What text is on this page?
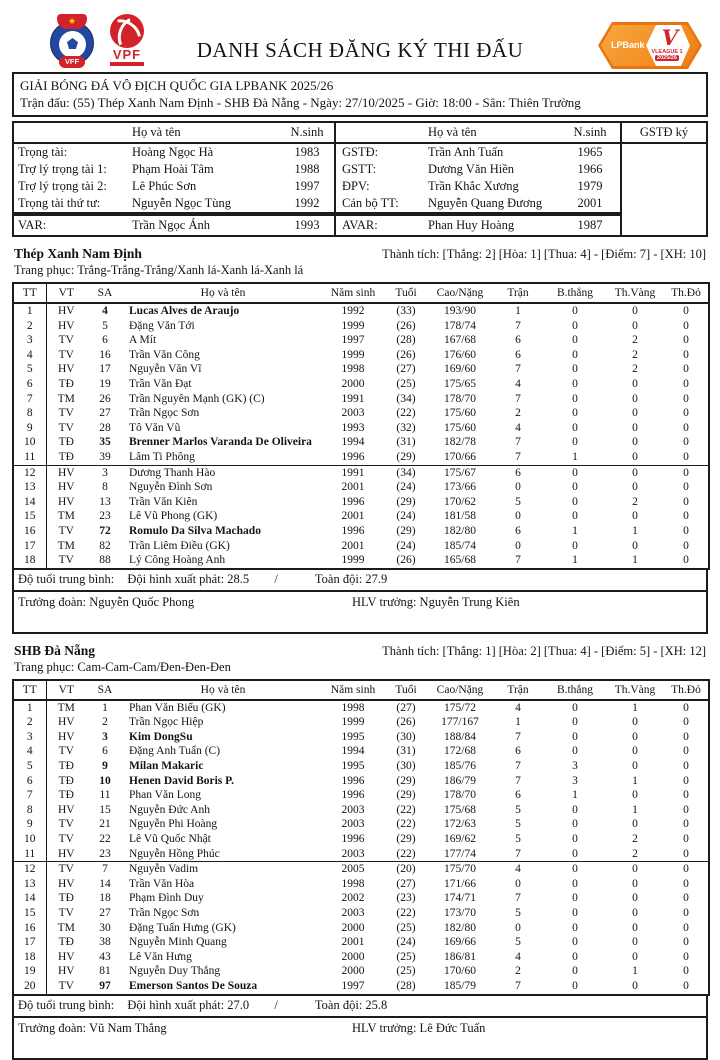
★
VFF	DANH SÁCH ĐĂNG KÝ THI ĐẤU	LPBank V
VLEAGUE 1
2025/26
GIẢI BÓNG ĐÁ VÔ ĐỊCH QUỐC GIA LPBANK 2025/26
Trận đấu: (55) Thép Xanh Nam Định - SHB Đà Nẵng - Ngày: 27/10/2025 - Giờ: 18:00 - Sân: Thiên Trường
Họ và tên	N.sinh	Họ và tên	N.sinh
Trọng tài:	Hoàng Ngọc Hà	1983	GSTĐ:	Trần Anh Tuấn	1965
Trợ lý trọng tài 1:	Phạm Hoài Tâm	1988	GSTT:	Dương Văn Hiền	1966
Trợ lý trọng tài 2:	Lê Phúc Sơn	1997	ĐPV:	Trần Khắc Xương	1979
Trọng tài thứ tư:	Nguyễn Ngọc Tùng	1992	Cán bộ TT:	Nguyễn Quang Đương	2001
VAR:	Trần Ngọc Ánh	1993	AVAR:	Phan Huy Hoàng	1987
GSTĐ ký
Thép Xanh Nam Định	Thành tích: [Thắng: 2] [Hòa: 1] [Thua: 4] - [Điểm: 7] - [XH: 10]
Trang phục: Trắng-Trắng-Trắng/Xanh lá-Xanh lá-Xanh lá
TT	VT	SA	Họ và tên	Năm sinh	Tuổi	Cao/Nặng	Trận	B.thắng	Th.Vàng	Th.Đỏ
1	HV	4	Lucas Alves de Araujo	1992	(33)	193/90	1	0	0	0
2	HV	5	Đặng Văn Tới	1999	(26)	178/74	7	0	0	0
3	TV	6	A Mít	1997	(28)	167/68	6	0	2	0
4	TV	16	Trần Văn Công	1999	(26)	176/60	6	0	2	0
5	HV	17	Nguyễn Văn Vĩ	1998	(27)	169/60	7	0	2	0
6	TĐ	19	Trần Văn Đạt	2000	(25)	175/65	4	0	0	0
7	TM	26	Trần Nguyên Mạnh (GK) (C)	1991	(34)	178/70	7	0	0	0
8	TV	27	Trần Ngọc Sơn	2003	(22)	175/60	2	0	0	0
9	TV	28	Tô Văn Vũ	1993	(32)	175/60	4	0	0	0
10	TĐ	35	Brenner Marlos Varanda De Oliveira	1994	(31)	182/78	7	0	0	0
11	TĐ	39	Lâm Ti Phông	1996	(29)	170/66	7	1	0	0
12	HV	3	Dương Thanh Hào	1991	(34)	175/67	6	0	0	0
13	HV	8	Nguyễn Đình Sơn	2001	(24)	173/66	0	0	0	0
14	HV	13	Trần Văn Kiên	1996	(29)	170/62	5	0	2	0
15	TM	23	Lê Vũ Phong (GK)	2001	(24)	181/58	0	0	0	0
16	TV	72	Romulo Da Silva Machado	1996	(29)	182/80	6	1	1	0
17	TM	82	Trần Liêm Điều (GK)	2001	(24)	185/74	0	0	0	0
18	TV	88	Lý Công Hoàng Anh	1999	(26)	165/68	7	1	1	0
Độ tuổi trung bình: Đội hình xuất phát: 28.5 /	Toàn đội: 27.9
Trưởng đoàn: Nguyễn Quốc Phong	HLV trưởng: Nguyễn Trung Kiên
SHB Đà Nẵng	Thành tích: [Thắng: 1] [Hòa: 2] [Thua: 4] - [Điểm: 5] - [XH: 12]
Trang phục: Cam-Cam-Cam/Đen-Đen-Đen
TT	VT	SA	Họ và tên	Năm sinh	Tuổi	Cao/Nặng	Trận	B.thắng	Th.Vàng	Th.Đỏ
1	TM	1	Phan Văn Biểu (GK)	1998	(27)	175/72	4	0	1	0
2	HV	2	Trần Ngọc Hiệp	1999	(26)	177/167	1	0	0	0
3	HV	3	Kim DongSu	1995	(30)	188/84	7	0	0	0
4	TV	6	Đặng Anh Tuấn (C)	1994	(31)	172/68	6	0	0	0
5	TĐ	9	Milan Makaric	1995	(30)	185/76	7	3	0	0
6	TĐ	10	Henen David Boris P.	1996	(29)	186/79	7	3	1	0
7	TĐ	11	Phan Văn Long	1996	(29)	178/70	6	1	0	0
8	HV	15	Nguyễn Đức Anh	2003	(22)	175/68	5	0	1	0
9	TV	21	Nguyễn Phi Hoàng	2003	(22)	172/63	5	0	0	0
10	TV	22	Lê Vũ Quốc Nhật	1996	(29)	169/62	5	0	2	0
11	HV	23	Nguyễn Hồng Phúc	2003	(22)	177/74	7	0	2	0
12	TV	7	Nguyễn Vadim	2005	(20)	175/70	4	0	0	0
13	HV	14	Trần Văn Hòa	1998	(27)	171/66	0	0	0	0
14	TĐ	18	Phạm Đình Duy	2002	(23)	174/71	7	0	0	0
15	TV	27	Trần Ngọc Sơn	2003	(22)	173/70	5	0	0	0
16	TM	30	Đặng Tuấn Hưng (GK)	2000	(25)	182/80	0	0	0	0
17	TĐ	38	Nguyễn Minh Quang	2001	(24)	169/66	5	0	0	0
18	HV	43	Lê Văn Hưng	2000	(25)	186/81	4	0	0	0
19	HV	81	Nguyễn Duy Thắng	2000	(25)	170/60	2	0	1	0
20	TV	97	Emerson Santos De Souza	1997	(28)	185/79	7	0	0	0
Độ tuổi trung bình: Đội hình xuất phát: 27.0 /	Toàn đội: 25.8
Trưởng đoàn: Vũ Nam Thắng	HLV trưởng: Lê Đức Tuấn
